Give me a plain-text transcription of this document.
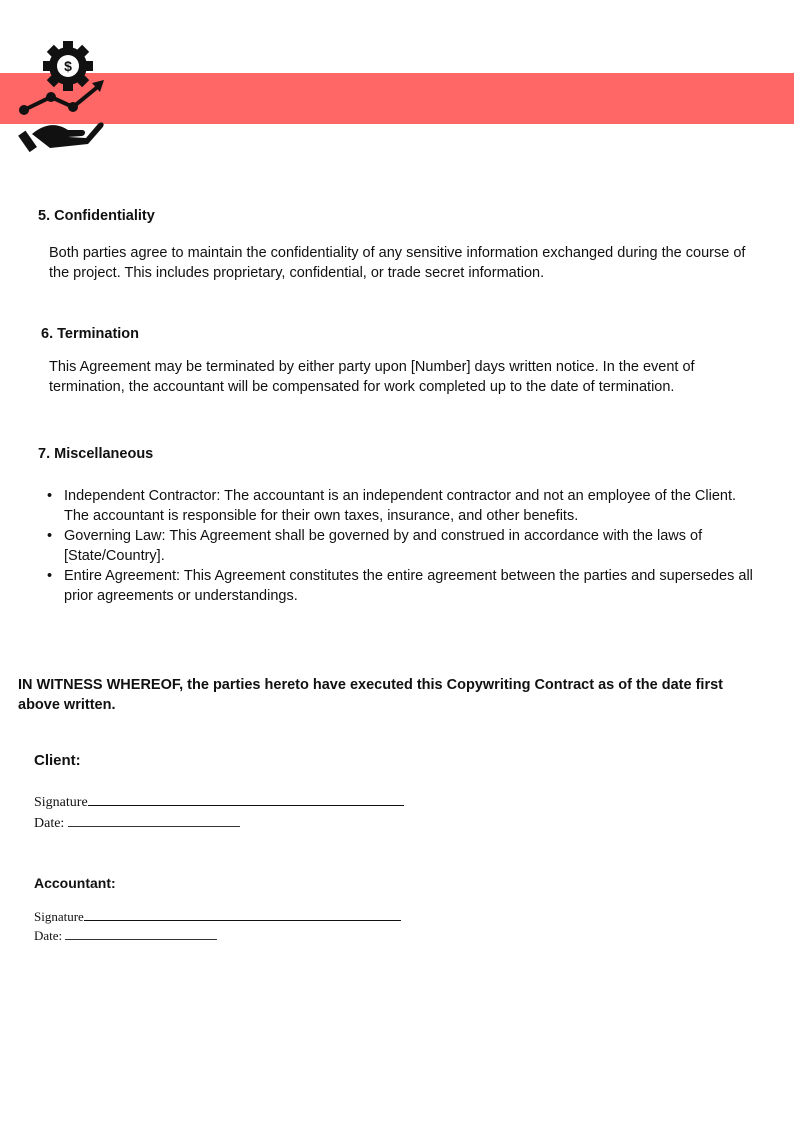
$
5. Confidentiality

Both parties agree to maintain the confidentiality of any sensitive information exchanged during the course of the project. This includes proprietary, confidential, or trade secret information.

6. Termination

This Agreement may be terminated by either party upon [Number] days written notice. In the event of termination, the accountant will be compensated for work completed up to the date of termination.

7. Miscellaneous
• Independent Contractor: The accountant is an independent contractor and not an employee of the Client. The accountant is responsible for their own taxes, insurance, and other benefits.
• Governing Law: This Agreement shall be governed by and construed in accordance with the laws of [State/Country].
• Entire Agreement: This Agreement constitutes the entire agreement between the parties and supersedes all prior agreements or understandings.

IN WITNESS WHEREOF, the parties hereto have executed this Copywriting Contract as of the date first above written.

Client:
Signature
Date:
Accountant:
Signature
Date:
